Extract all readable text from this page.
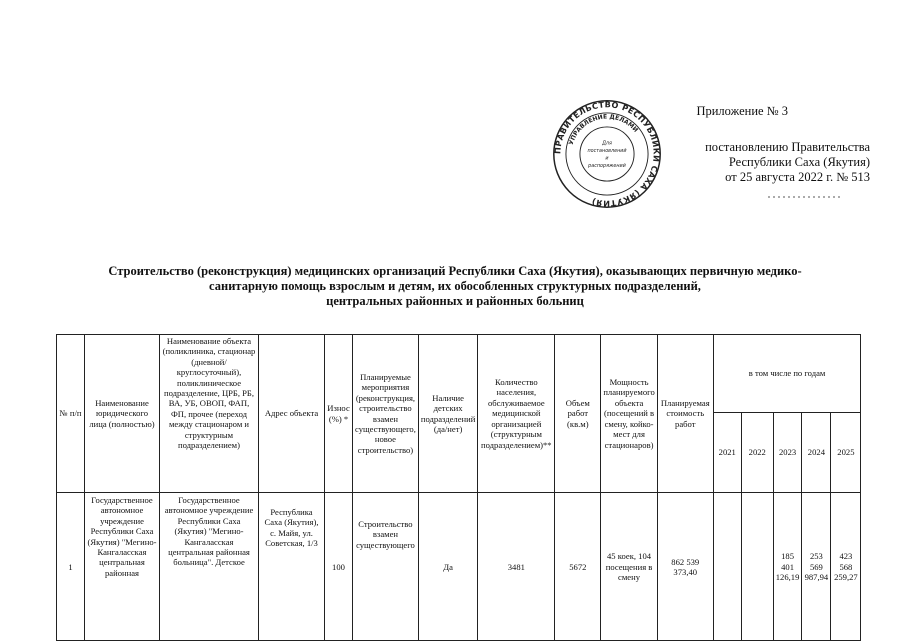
ПРАВИТЕЛЬСТВО РЕСПУБЛИКИ САХА (ЯКУТИЯ)
УПРАВЛЕНИЕ ДЕЛАМИ
Для
постановлений
и
распоряжений
Приложение № 3
постановлению Правительства
Республики Саха (Якутия)
от 25 августа 2022 г. № 513
Строительство (реконструкция) медицинских организаций Республики Саха (Якутия), оказывающих первичную медико-
санитарную помощь взрослым и детям, их обособленных структурных подразделений,
центральных районных и районных больниц
№ п/п	Наименование юридического лица (полностью)	Наименование объекта (поликлиника, стационар (дневной/круглосуточный), поликлиническое подразделение, ЦРБ, РБ, ВА, УБ, ОВОП, ФАП, ФП, прочее (переход между стационаром и структурным подразделением)	Адрес объекта	Износ (%) *	Планируемые мероприятия (реконструкция, строительство взамен существующего, новое строительство)	Наличие детских подразделений (да/нет)	Количество населения, обслуживаемое медицинской организацией (структурным подразделением)**	Объем работ (кв.м)	Мощность планируемого объекта (посещений в смену, койко-мест для стационаров)	Планируемая стоимость работ	в том числе по годам				
											2021	2022	2023	2024	2025
1	Государственное автономное учреждение Республики Саха (Якутия) "Мегино-Кангаласская центральная районная	Государственное автономное учреждение Республики Саха (Якутия) "Мегино-Кангаласская центральная районная больница". Детское	Республика Саха (Якутия), с. Майя, ул. Советская, 1/3	100	Строительство взамен существующего	Да	3481	5672	45 коек, 104 посещения в смену	862 539 373,40			185 401 126,19	253 569 987,94	423 568 259,27
